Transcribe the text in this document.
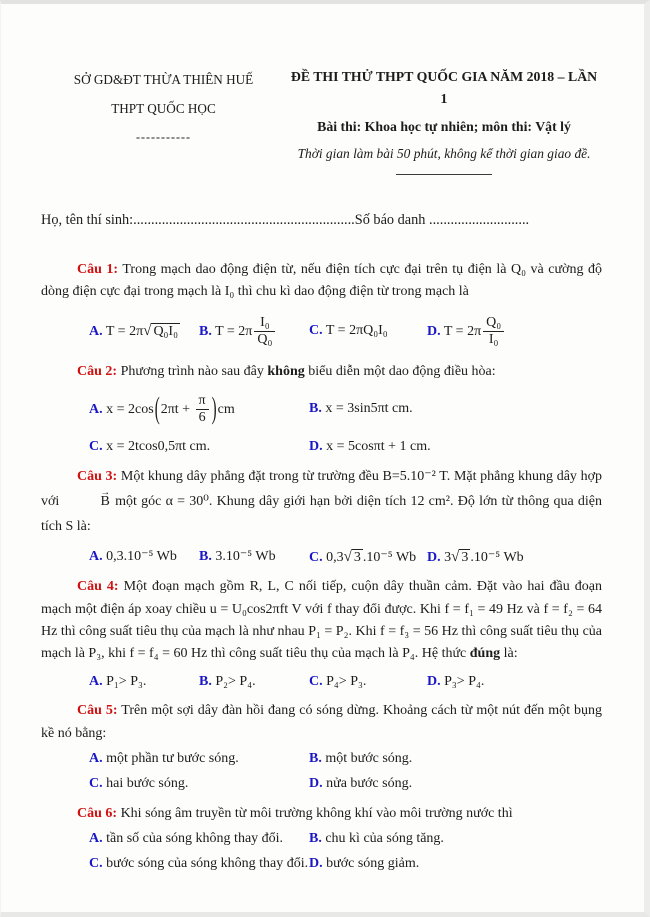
SỞ GD&ĐT THỪA THIÊN HUẾ
THPT QUỐC HỌC
-----------
ĐỀ THI THỬ THPT QUỐC GIA NĂM 2018 – LẦN 1
Bài thi: Khoa học tự nhiên; môn thi: Vật lý
Thời gian làm bài 50 phút, không kể thời gian giao đề.
Họ, tên thí sinh:..............................................................Số báo danh ............................
Câu 1: Trong mạch dao động điện từ, nếu điện tích cực đại trên tụ điện là Q₀ và cường độ dòng điện cực đại trong mạch là I₀ thì chu kì dao động điện từ trong mạch là
A. T = 2π √ Q₀I₀	B. $T = 2\pi \frac{\text{I₀}}{\text{Q₀}} C$. T = 2πQ₀I₀	D. $T = 2\pi \frac{\text{Q₀}}{\text{I₀}}$
Câu 2: Phương trình nào sau đây không biểu diễn một dao động điều hòa:
A. $x = 2\cos(2\pi t + \frac{\pi}{6} )cm$	B. x = 3sin5πt cm.
C. x = 2tcos0,5πt cm.	D. x = 5cosπt + 1 cm.
Câu 3: Một khung dây phẳng đặt trong từ trường đều B=5.10⁻² T. Mặt phẳng khung dây hợp với	B → một góc α = 30⁰. Khung dây giới hạn bởi diện tích 12 cm². Độ lớn từ thông qua diện tích S là:
A. 0,3.10⁻⁵ Wb	B. 3.10⁻⁵ Wb	C. 0,3 √ 3 .10⁻⁵ Wb D. 3 √ 3 .10⁻⁵ Wb
Câu 4: Một đoạn mạch gồm R, L, C nối tiếp, cuộn dây thuần cảm. Đặt vào hai đầu đoạn mạch một điện áp xoay chiều u = U₀cos2πft V với f thay đổi được. Khi f = f₁ = 49 Hz và f = f₂ = 64 Hz thì công suất tiêu thụ của mạch là như nhau P₁ = P₂. Khi f = f₃ = 56 Hz thì công suất tiêu thụ của mạch là P₃, khi f = f₄ = 60 Hz thì công suất tiêu thụ của mạch là P₄. Hệ thức đúng là:
A. P₁> P₃.	B. P₂> P₄.	C. P₄> P₃.	D. P₃> P₄.
Câu 5: Trên một sợi dây đàn hồi đang có sóng dừng. Khoảng cách từ một nút đến một bụng kề nó bằng:
A. một phần tư bước sóng.	B. một bước sóng.
C. hai bước sóng.	D. nửa bước sóng.
Câu 6: Khi sóng âm truyền từ môi trường không khí vào môi trường nước thì
A. tần số của sóng không thay đổi.	B. chu kì của sóng tăng.
C. bước sóng của sóng không thay đổi. D. bước sóng giảm.
